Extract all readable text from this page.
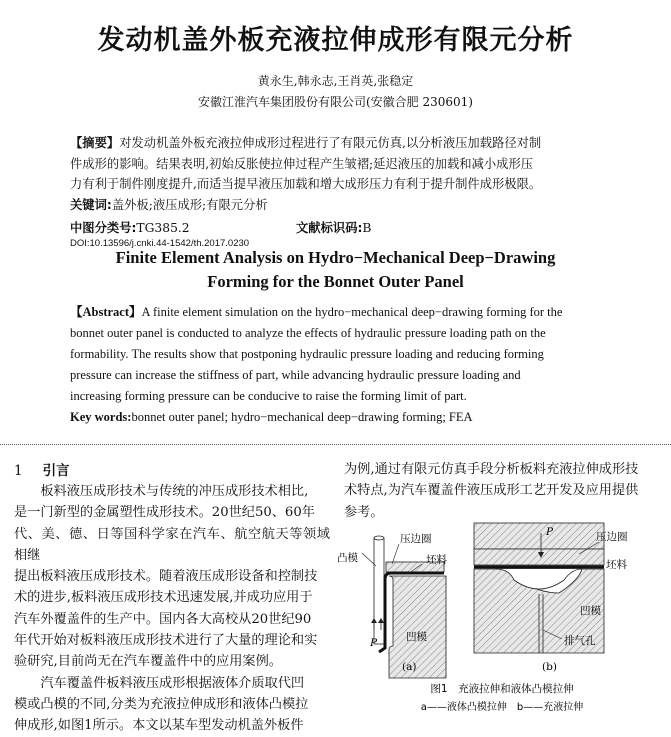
发动机盖外板充液拉伸成形有限元分析
黄永生,韩永志,王肖英,张稳定
安徽江淮汽车集团股份有限公司(安徽合肥 230601)
【摘要】对发动机盖外板充液拉伸成形过程进行了有限元仿真,以分析液压加载路径对制
件成形的影响。结果表明,初始反胀使拉伸过程产生皱褶;延迟液压的加载和减小成形压
力有利于制件刚度提升,而适当提早液压加载和增大成形压力有利于提升制件成形极限。
关键词:盖外板;液压成形;有限元分析
中图分类号:TG385.2	文献标识码:B
DOI:10.13596/j.cnki.44-1542/th.2017.0230
Finite Element Analysis on Hydro−Mechanical Deep−Drawing
Forming for the Bonnet Outer Panel
【Abstract】A finite element simulation on the hydro−mechanical deep−drawing forming for the
bonnet outer panel is conducted to analyze the effects of hydraulic pressure loading path on the
formability. The results show that postponing hydraulic pressure loading and reducing forming
pressure can increase the stiffness of part, while advancing hydraulic pressure loading and
increasing forming pressure can be conducive to raise the forming limit of part.
Key words:bonnet outer panel; hydro−mechanical deep−drawing forming; FEA
1 引言
　　板料液压成形技术与传统的冲压成形技术相比,
是一门新型的金属塑性成形技术。20世纪50、60年
代、美、德、日等国科学家在汽车、航空航天等领域相继
提出板料液压成形技术。随着液压成形设备和控制技
术的进步,板料液压成形技术迅速发展,并成功应用于
汽车外覆盖件的生产中。国内各大高校从20世纪90
年代开始对板料液压成形技术进行了大量的理论和实
验研究,目前尚无在汽车覆盖件中的应用案例。
　　汽车覆盖件板料液压成形根据液体介质取代凹
模或凸模的不同,分类为充液拉伸成形和液体凸模拉
伸成形,如图1所示。本文以某车型发动机盖外板件
为例,通过有限元仿真手段分析板料充液拉伸成形技
术特点,为汽车覆盖件液压成形工艺开发及应用提供
参考。
压边圈
坯料
凸模
凹模
P
(a)
压边圈
坯料
凹模
排气孔
P
(b)
图1　充液拉伸和液体凸模拉伸
a——液体凸模拉伸　b——充液拉伸
